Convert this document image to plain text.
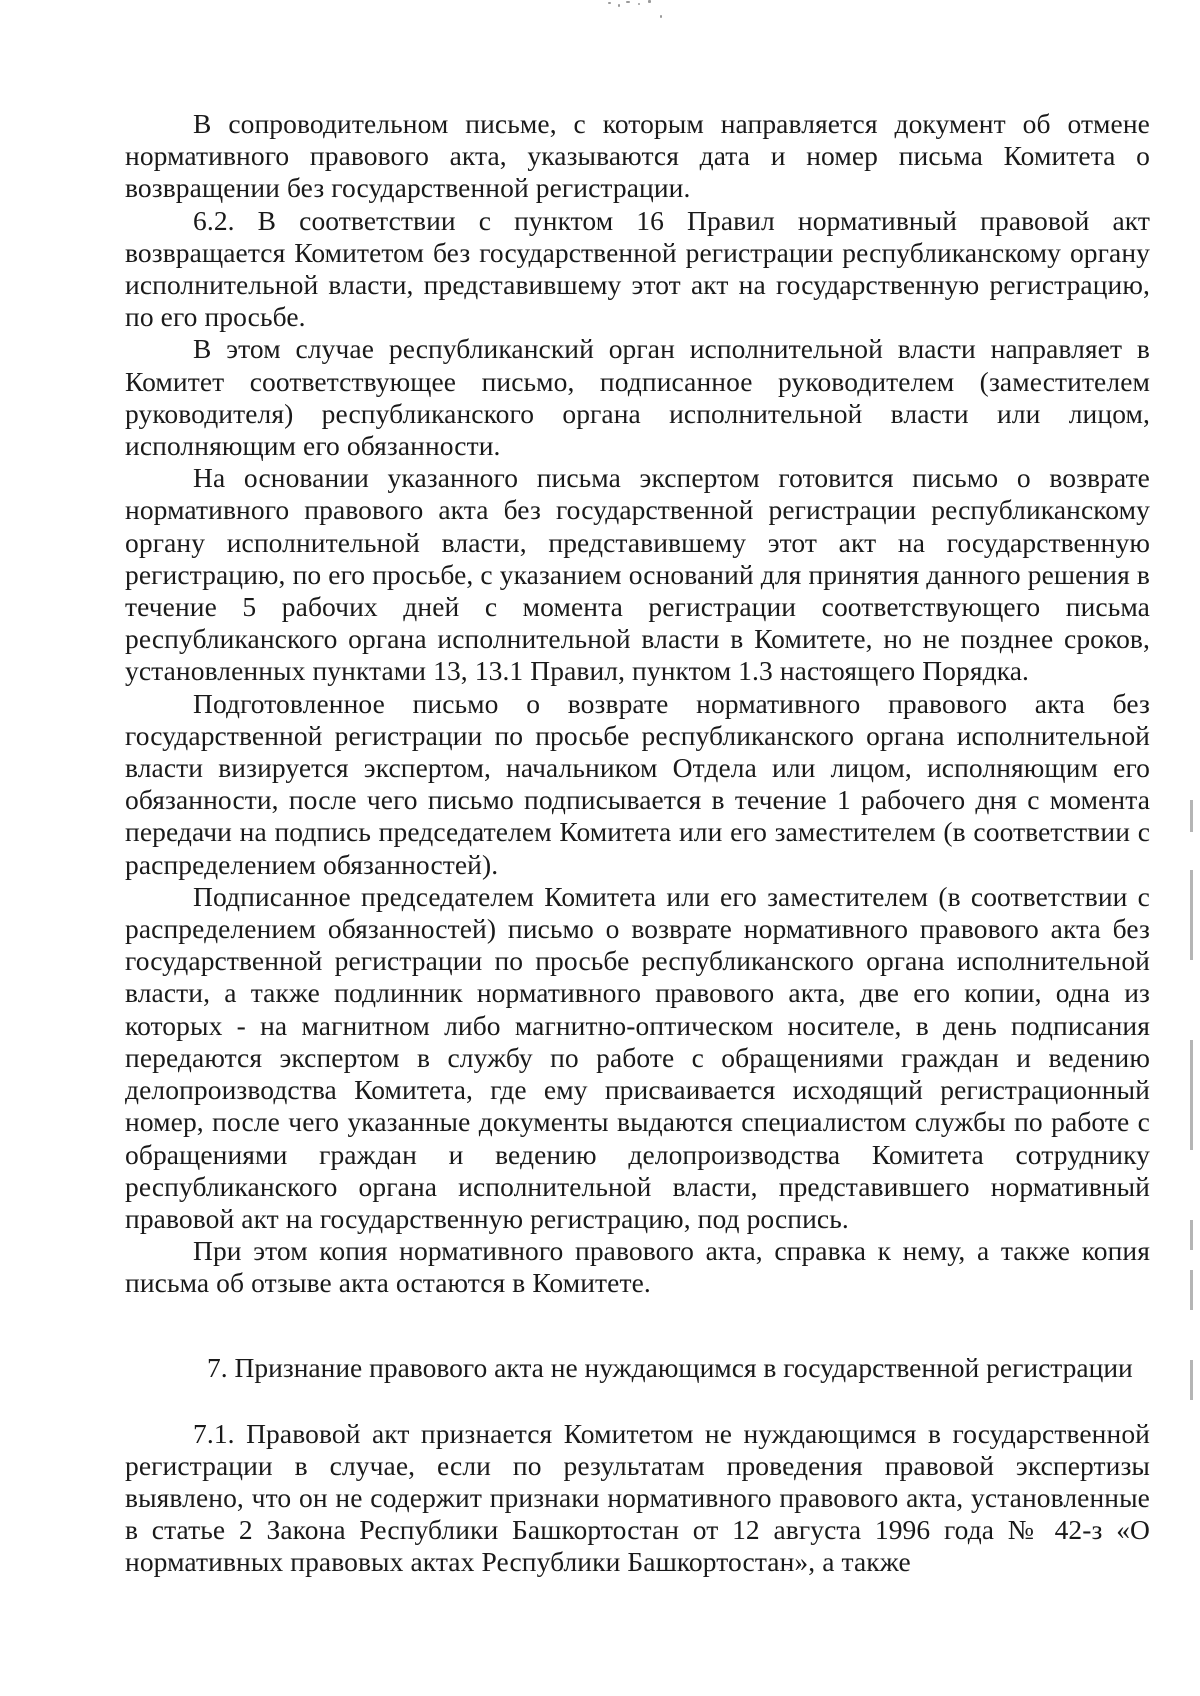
В сопроводительном письме, с которым направляется документ об отмене нормативного правового акта, указываются дата и номер письма Комитета о возвращении без государственной регистрации.

6.2. В соответствии с пунктом 16 Правил нормативный правовой акт возвращается Комитетом без государственной регистрации республиканскому органу исполнительной власти, представившему этот акт на государственную регистрацию, по его просьбе.

В этом случае республиканский орган исполнительной власти направляет в Комитет соответствующее письмо, подписанное руководителем (заместителем руководителя) республиканского органа исполнительной власти или лицом, исполняющим его обязанности.

На основании указанного письма экспертом готовится письмо о возврате нормативного правового акта без государственной регистрации республиканскому органу исполнительной власти, представившему этот акт на государственную регистрацию, по его просьбе, с указанием оснований для принятия данного решения в течение 5 рабочих дней с момента регистрации соответствующего письма республиканского органа исполнительной власти в Комитете, но не позднее сроков, установленных пунктами 13, 13.1 Правил, пунктом 1.3 настоящего Порядка.

Подготовленное письмо о возврате нормативного правового акта без государственной регистрации по просьбе республиканского органа исполнительной власти визируется экспертом, начальником Отдела или лицом, исполняющим его обязанности, после чего письмо подписывается в течение 1 рабочего дня с момента передачи на подпись председателем Комитета или его заместителем (в соответствии с распределением обязанностей).

Подписанное председателем Комитета или его заместителем (в соответствии с распределением обязанностей) письмо о возврате нормативного правового акта без государственной регистрации по просьбе республиканского органа исполнительной власти, а также подлинник нормативного правового акта, две его копии, одна из которых - на магнитном либо магнитно-оптическом носителе, в день подписания передаются экспертом в службу по работе с обращениями граждан и ведению делопроизводства Комитета, где ему присваивается исходящий регистрационный номер, после чего указанные документы выдаются специалистом службы по работе с обращениями граждан и ведению делопроизводства Комитета сотруднику республиканского органа исполнительной власти, представившего нормативный правовой акт на государственную регистрацию, под роспись.

При этом копия нормативного правового акта, справка к нему, а также копия письма об отзыве акта остаются в Комитете.

7. Признание правового акта не нуждающимся в государственной регистрации

7.1. Правовой акт признается Комитетом не нуждающимся в государственной регистрации в случае, если по результатам проведения правовой экспертизы выявлено, что он не содержит признаки нормативного правового акта, установленные в статье 2 Закона Республики Башкортостан от 12 августа 1996 года № 42-з «О нормативных правовых актах Республики Башкортостан», а также
